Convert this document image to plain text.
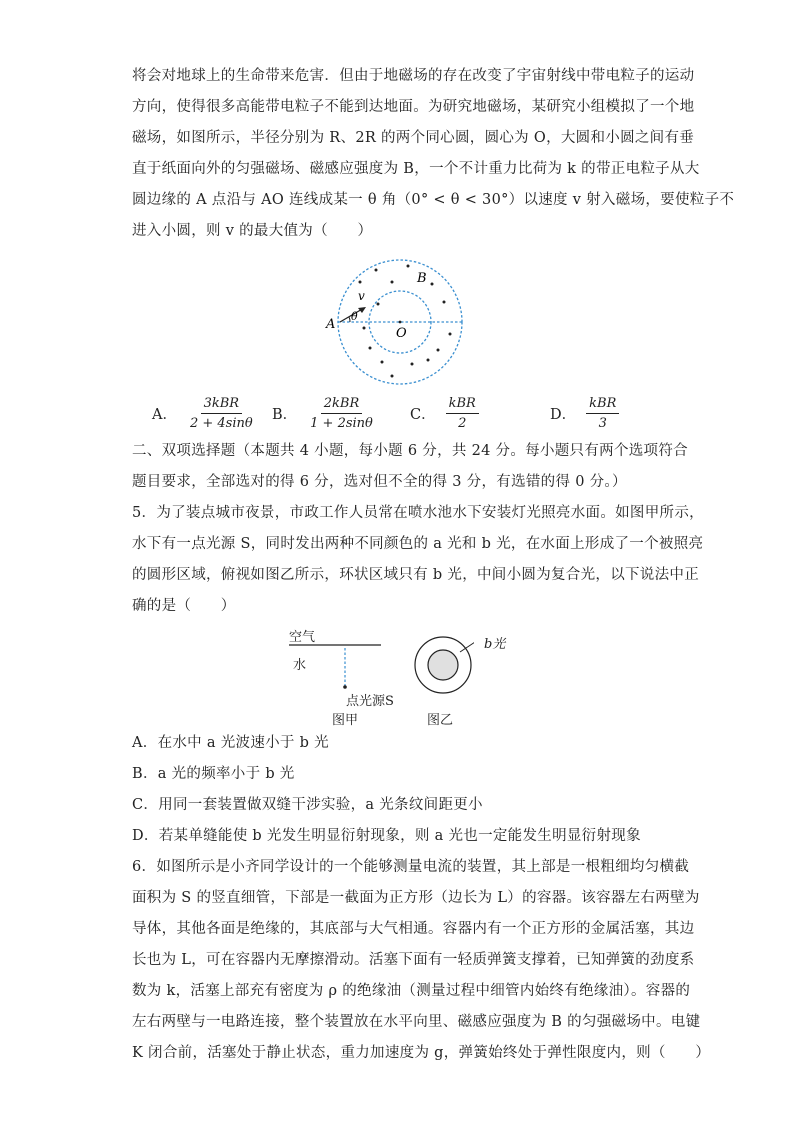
将会对地球上的生命带来危害．但由于地磁场的存在改变了宇宙射线中带电粒子的运动
方向，使得很多高能带电粒子不能到达地面。为研究地磁场，某研究小组模拟了一个地
磁场，如图所示，半径分别为 R、2R 的两个同心圆，圆心为 O，大圆和小圆之间有垂
直于纸面向外的匀强磁场、磁感应强度为 B，一个不计重力比荷为 k 的带正电粒子从大
圆边缘的 A 点沿与 AO 连线成某一 θ 角（0° < θ < 30°）以速度 v 射入磁场，要使粒子不
进入小圆，则 v 的最大值为（　　）
A
v
θ
O
B
A． $\frac{\text{3kBR}}{2 + 4\sin\theta}$ B． $\frac{\text{2kBR}}{1 + 2\sin\theta}$ C． $\frac{\text{kBR}}{2}$	D． $\frac{\text{kBR}}{3}$
二、双项选择题（本题共 4 小题，每小题 6 分，共 24 分。每小题只有两个选项符合
题目要求，全部选对的得 6 分，选对但不全的得 3 分，有选错的得 0 分。）
5．为了装点城市夜景，市政工作人员常在喷水池水下安装灯光照亮水面。如图甲所示，
水下有一点光源 S，同时发出两种不同颜色的 a 光和 b 光，在水面上形成了一个被照亮
的圆形区域，俯视如图乙所示，环状区域只有 b 光，中间小圆为复合光，以下说法中正
确的是（　　）
空气
水
点光源S
图甲
b光
图乙
A．在水中 a 光波速小于 b 光
B．a 光的频率小于 b 光
C．用同一套装置做双缝干涉实验，a 光条纹间距更小
D．若某单缝能使 b 光发生明显衍射现象，则 a 光也一定能发生明显衍射现象
6．如图所示是小齐同学设计的一个能够测量电流的装置，其上部是一根粗细均匀横截
面积为 S 的竖直细管，下部是一截面为正方形（边长为 L）的容器。该容器左右两壁为
导体，其他各面是绝缘的，其底部与大气相通。容器内有一个正方形的金属活塞，其边
长也为 L，可在容器内无摩擦滑动。活塞下面有一轻质弹簧支撑着，已知弹簧的劲度系
数为 k，活塞上部充有密度为 ρ 的绝缘油（测量过程中细管内始终有绝缘油）。容器的
左右两壁与一电路连接，整个装置放在水平向里、磁感应强度为 B 的匀强磁场中。电键
K 闭合前，活塞处于静止状态，重力加速度为 g，弹簧始终处于弹性限度内，则（　　）
